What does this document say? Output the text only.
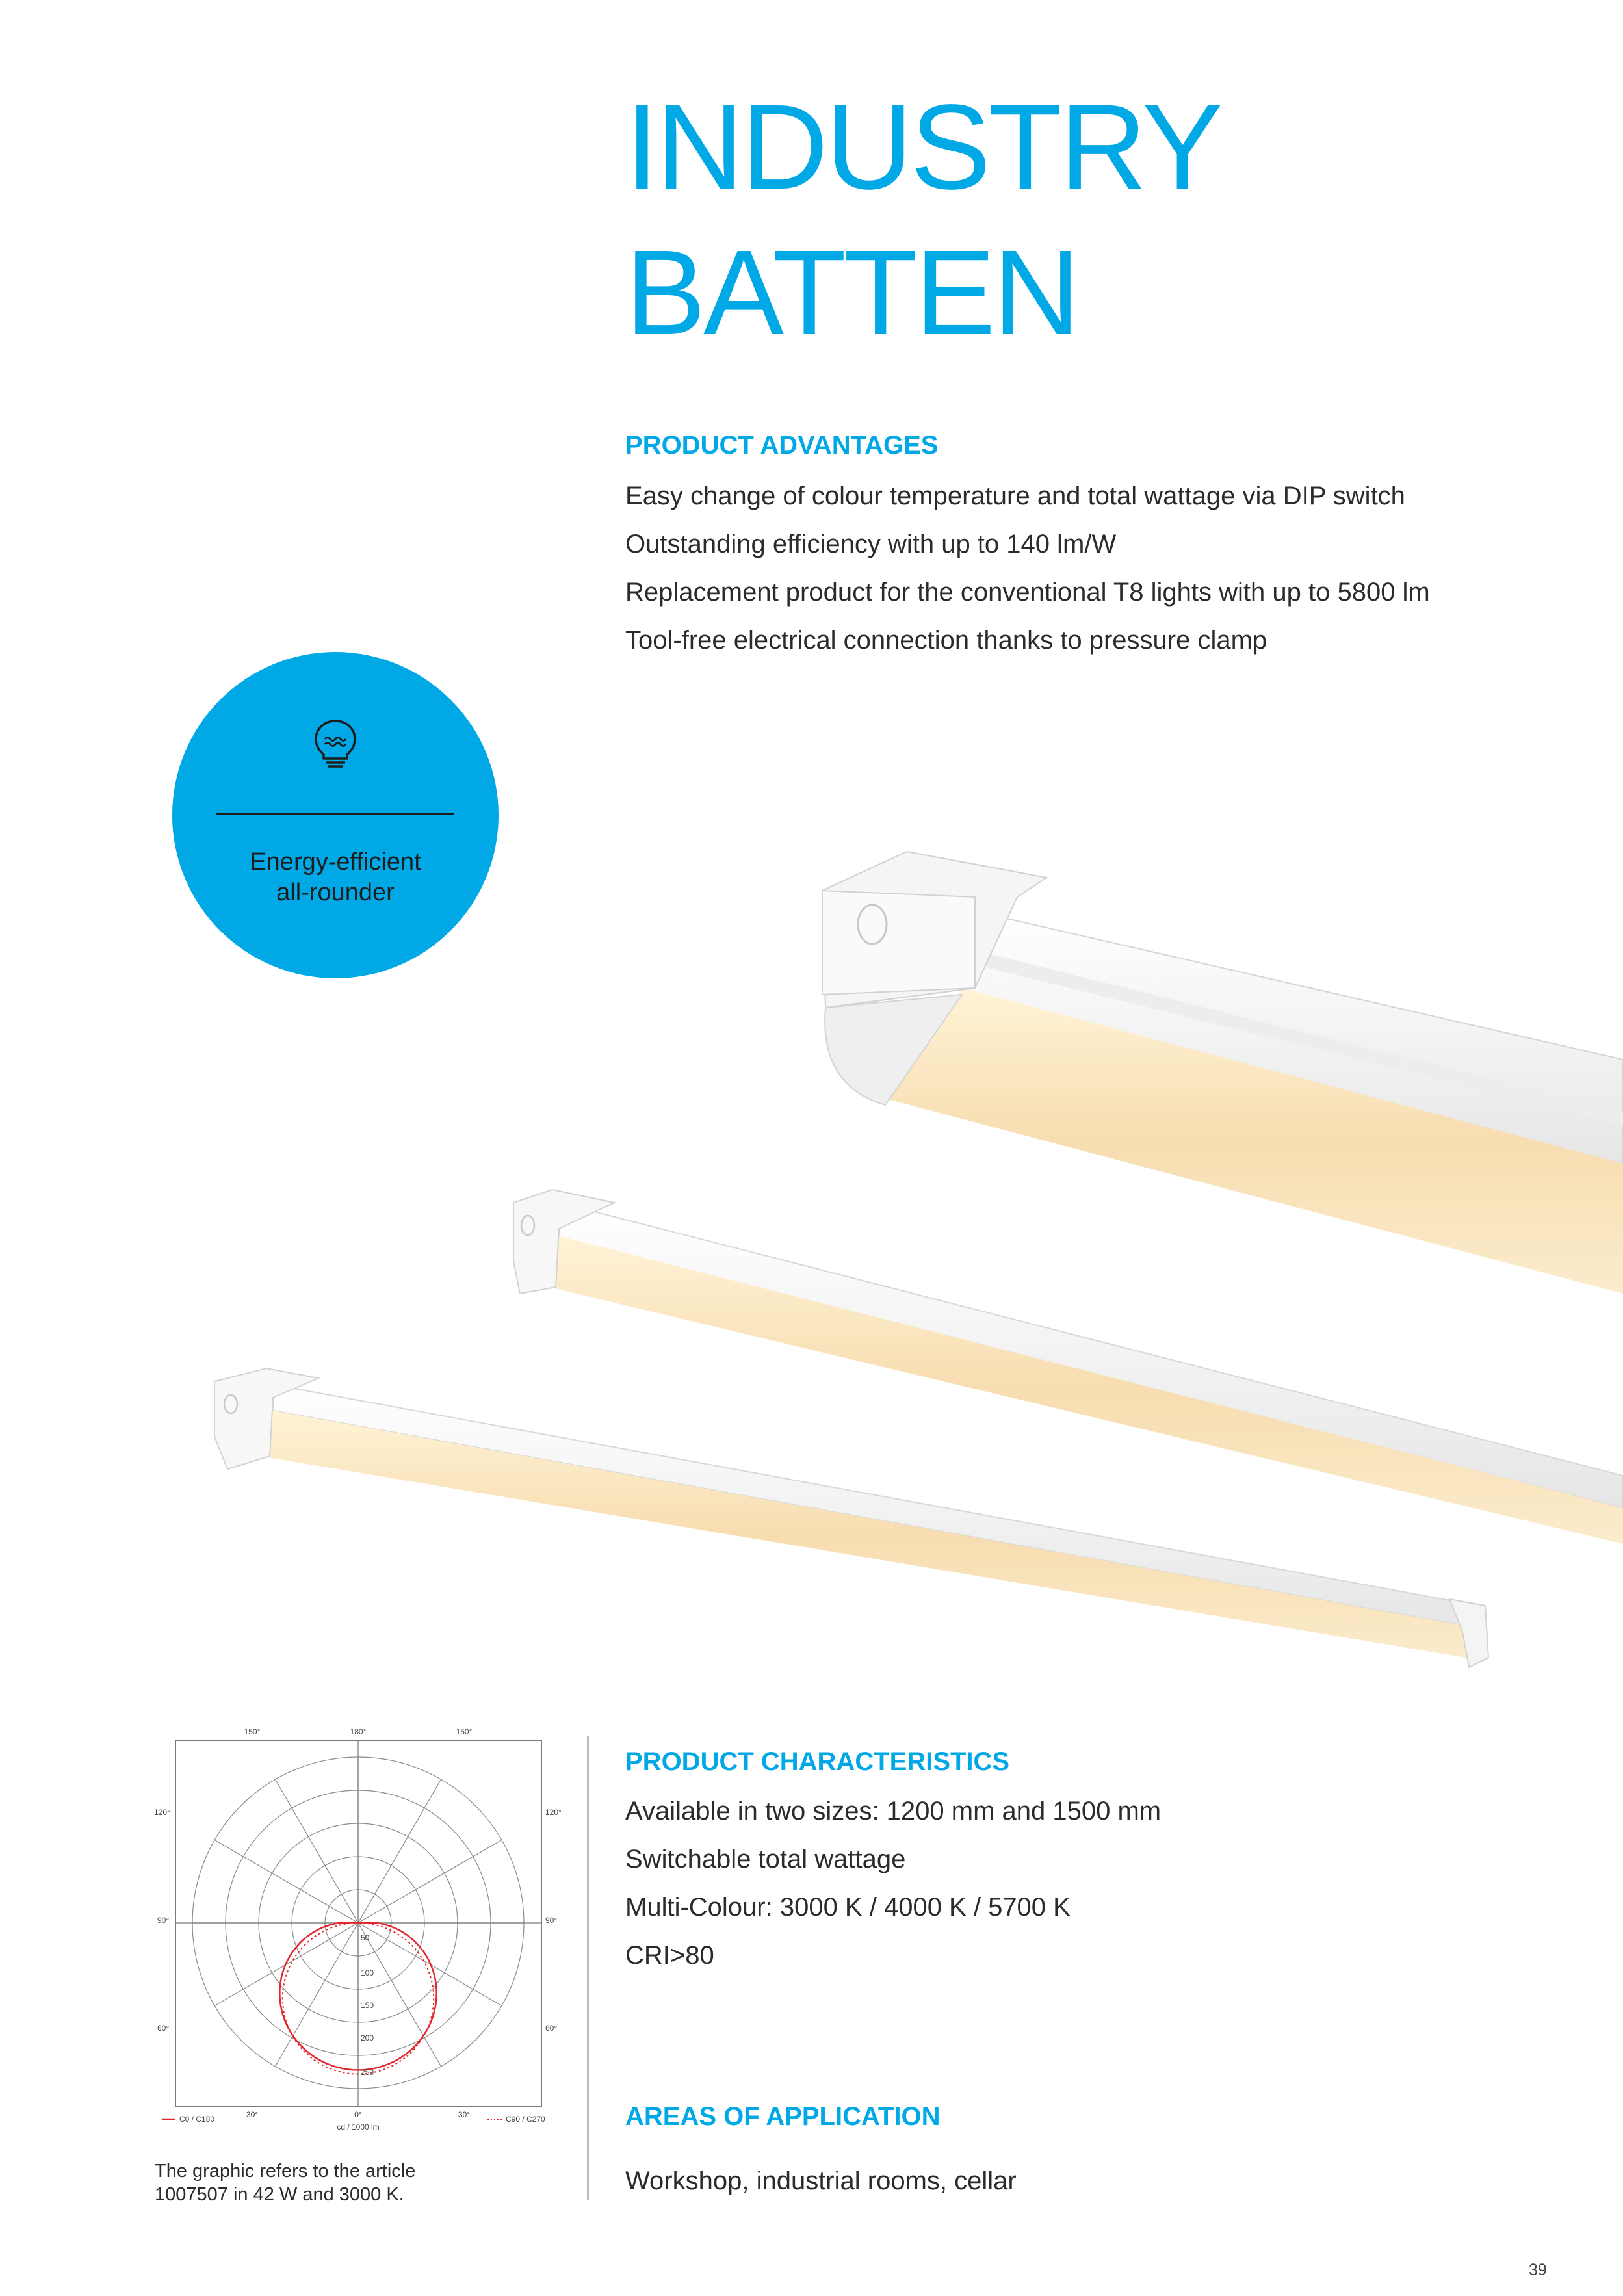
INDUSTRY
BATTEN
PRODUCT ADVANTAGES
Easy change of colour temperature and total wattage via DIP switch
Outstanding efficiency with up to 140 lm/W
Replacement product for the conventional T8 lights with up to 5800 lm
Tool-free electrical connection thanks to pressure clamp
Energy-efficient
all-rounder
150°	180°	150°
120°
90°
60°
120°
90°
60°
30°	0°	30°
50
100
150
200
250
cd / 1000 lm
C0 / C180	C90 / C270

The graphic refers to the article
1007507 in 42 W and 3000 K.

PRODUCT CHARACTERISTICS
Available in two sizes: 1200 mm and 1500 mm
Switchable total wattage
Multi-Colour: 3000 K / 4000 K / 5700 K
CRI>80
AREAS OF APPLICATION
Workshop, industrial rooms, cellar
39
